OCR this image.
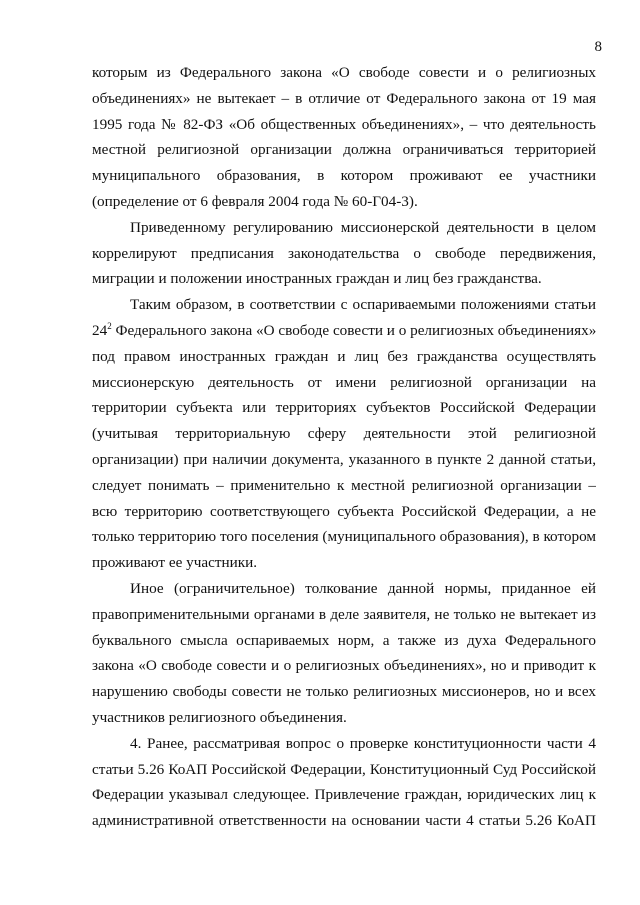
8
которым из Федерального закона «О свободе совести и о религиозных
объединениях» не вытекает – в отличие от Федерального закона от 19 мая
1995 года № 82-ФЗ «Об общественных объединениях», – что деятельность
местной религиозной организации должна ограничиваться территорией
муниципального образования, в котором проживают ее участники
(определение от 6 февраля 2004 года № 60-Г04-3).
Приведенному регулированию миссионерской деятельности в целом
коррелируют предписания законодательства о свободе передвижения,
миграции и положении иностранных граждан и лиц без гражданства.
Таким образом, в соответствии с оспариваемыми положениями статьи
$24^2$ Федерального закона «О свободе совести и о религиозных объединениях»
под правом иностранных граждан и лиц без гражданства осуществлять
миссионерскую деятельность от имени религиозной организации на
территории субъекта или территориях субъектов Российской Федерации
(учитывая территориальную сферу деятельности этой религиозной
организации) при наличии документа, указанного в пункте 2 данной статьи,
следует понимать – применительно к местной религиозной организации –
всю территорию соответствующего субъекта Российской Федерации, а не
только территорию того поселения (муниципального образования), в котором
проживают ее участники.
Иное (ограничительное) толкование данной нормы, приданное ей
правоприменительными органами в деле заявителя, не только не вытекает из
буквального смысла оспариваемых норм, а также из духа Федерального
закона «О свободе совести и о религиозных объединениях», но и приводит к
нарушению свободы совести не только религиозных миссионеров, но и всех
участников религиозного объединения.
4. Ранее, рассматривая вопрос о проверке конституционности части 4
статьи 5.26 КоАП Российской Федерации, Конституционный Суд Российской
Федерации указывал следующее. Привлечение граждан, юридических лиц к
административной ответственности на основании части 4 статьи 5.26 КоАП
